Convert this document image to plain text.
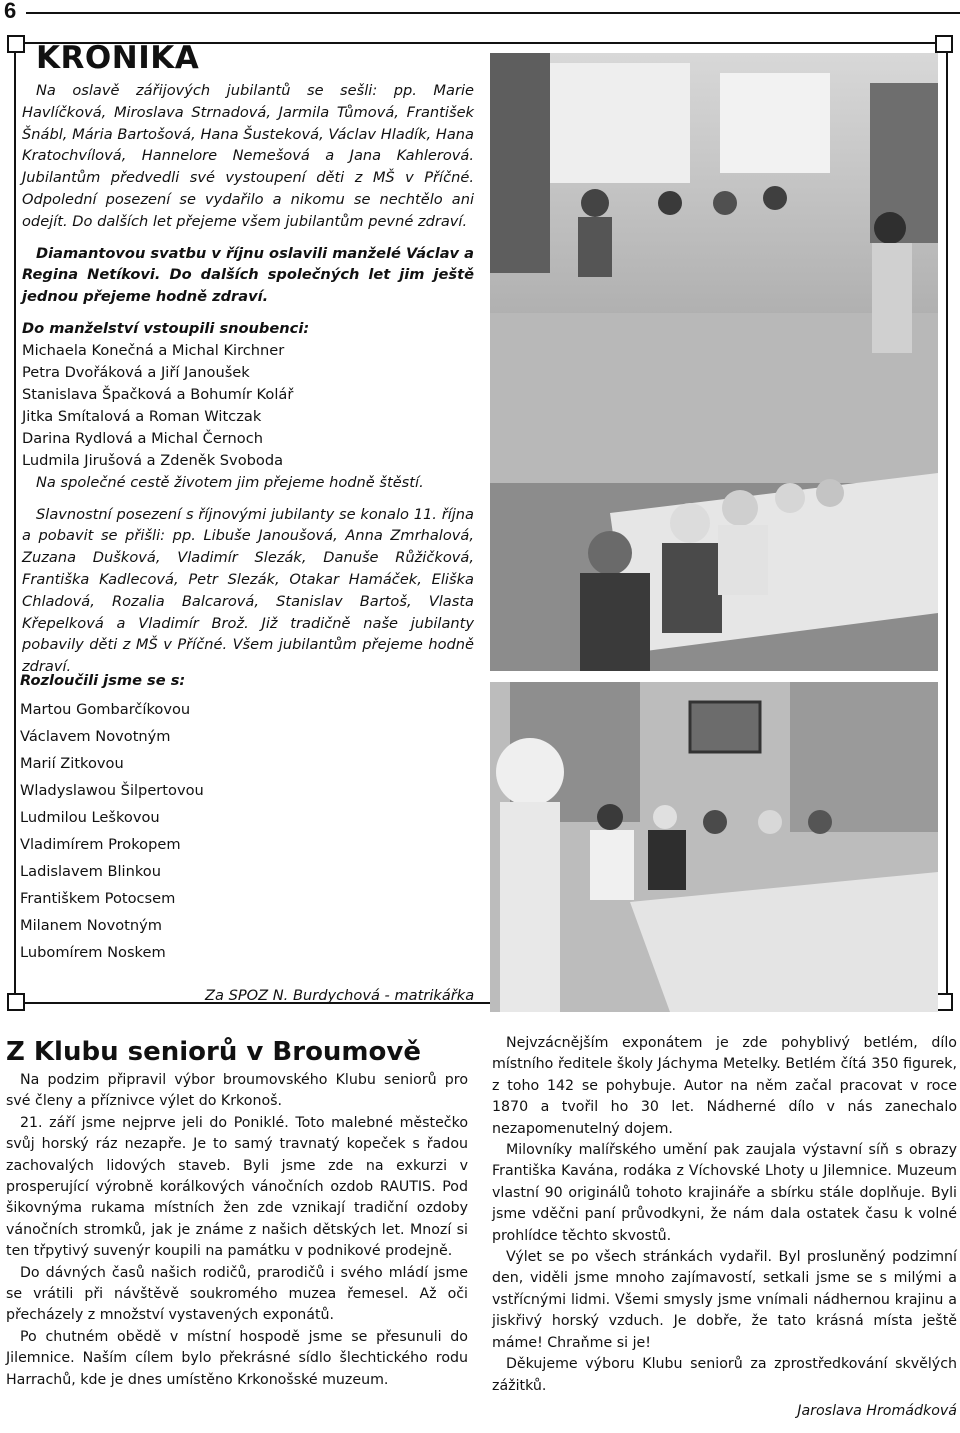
6
KRONIKA

Na oslavě zářijových jubilantů se sešli: pp. Marie Havlíčková, Miroslava Strnadová, Jarmila Tůmová, František Šnábl, Mária Bartošová, Hana Šusteková, Václav Hladík, Hana Kratochvílová, Hannelore Nemešová a Jana Kahlerová. Jubilantům předvedli své vystoupení děti z MŠ v Příčné. Odpolední posezení se vydařilo a nikomu se nechtělo ani odejít. Do dalších let přejeme všem jubilantům pevné zdraví.

Diamantovou svatbu v říjnu oslavili manželé Václav a Regina Netíkovi. Do dalších společných let jim ještě jednou přejeme hodně zdraví.

Do manželství vstoupili snoubenci:
Michaela Konečná a Michal Kirchner
Petra Dvořáková a Jiří Janoušek
Stanislava Špačková a Bohumír Kolář
Jitka Smítalová a Roman Witczak
Darina Rydlová a Michal Černoch
Ludmila Jirušová a Zdeněk Svoboda

Na společné cestě životem jim přejeme hodně štěstí.

Slavnostní posezení s říjnovými jubilanty se konalo 11. října a pobavit se přišli: pp. Libuše Janoušová, Anna Zmrhalová, Zuzana Dušková, Vladimír Slezák, Danuše Růžičková, Františka Kadlecová, Petr Slezák, Otakar Hamáček, Eliška Chladová, Rozalia Balcarová, Stanislav Bartoš, Vlasta Křepelková a Vladimír Brož. Již tradičně naše jubilanty pobavily děti z MŠ v Příčné. Všem jubilantům přejeme hodně zdraví.

Rozloučili jsme se s:
Martou Gombarčíkovou
Václavem Novotným
Marií Zitkovou
Wladyslawou Šilpertovou
Ludmilou Leškovou
Vladimírem Prokopem
Ladislavem Blinkou
Františkem Potocsem
Milanem Novotným
Lubomírem Noskem
Za SPOZ N. Burdychová - matrikářka
Z Klubu seniorů v Broumově

Na podzim připravil výbor broumovského Klubu seniorů pro své členy a příznivce výlet do Krkonoš.

21. září jsme nejprve jeli do Poniklé. Toto malebné městečko svůj horský ráz nezapře. Je to samý travnatý kopeček s řadou zachovalých lidových staveb. Byli jsme zde na exkurzi v prosperující výrobně korálkových vánočních ozdob RAUTIS. Pod šikovnýma rukama místních žen zde vznikají tradiční ozdoby vánočních stromků, jak je známe z našich dětských let. Mnozí si ten třpytivý suvenýr koupili na památku v podnikové prodejně.

Do dávných časů našich rodičů, prarodičů i svého mládí jsme se vrátili při návštěvě soukromého muzea řemesel. Až oči přecházely z množství vystavených exponátů.

Po chutném obědě v místní hospodě jsme se přesunuli do Jilemnice. Naším cílem bylo překrásné sídlo šlechtického rodu Harrachů, kde je dnes umístěno Krkonošské muzeum.

Nejvzácnějším exponátem je zde pohyblivý betlém, dílo místního ředitele školy Jáchyma Metelky. Betlém čítá 350 figurek, z toho 142 se pohybuje. Autor na něm začal pracovat v roce 1870 a tvořil ho 30 let. Nádherné dílo v nás zanechalo nezapomenutelný dojem.

Milovníky malířského umění pak zaujala výstavní síň s obrazy Františka Kavána, rodáka z Víchovské Lhoty u Jilemnice. Muzeum vlastní 90 originálů tohoto krajináře a sbírku stále doplňuje. Byli jsme vděčni paní průvodkyni, že nám dala ostatek času k volné prohlídce těchto skvostů.

Výlet se po všech stránkách vydařil. Byl prosluněný podzimní den, viděli jsme mnoho zajímavostí, setkali jsme se s milými a vstřícnými lidmi. Všemi smysly jsme vnímali nádhernou krajinu a jiskřivý horský vzduch. Je dobře, že tato krásná místa ještě máme! Chraňme si je!

Děkujeme výboru Klubu seniorů za zprostředkování skvělých zážitků.

Jaroslava Hromádková
